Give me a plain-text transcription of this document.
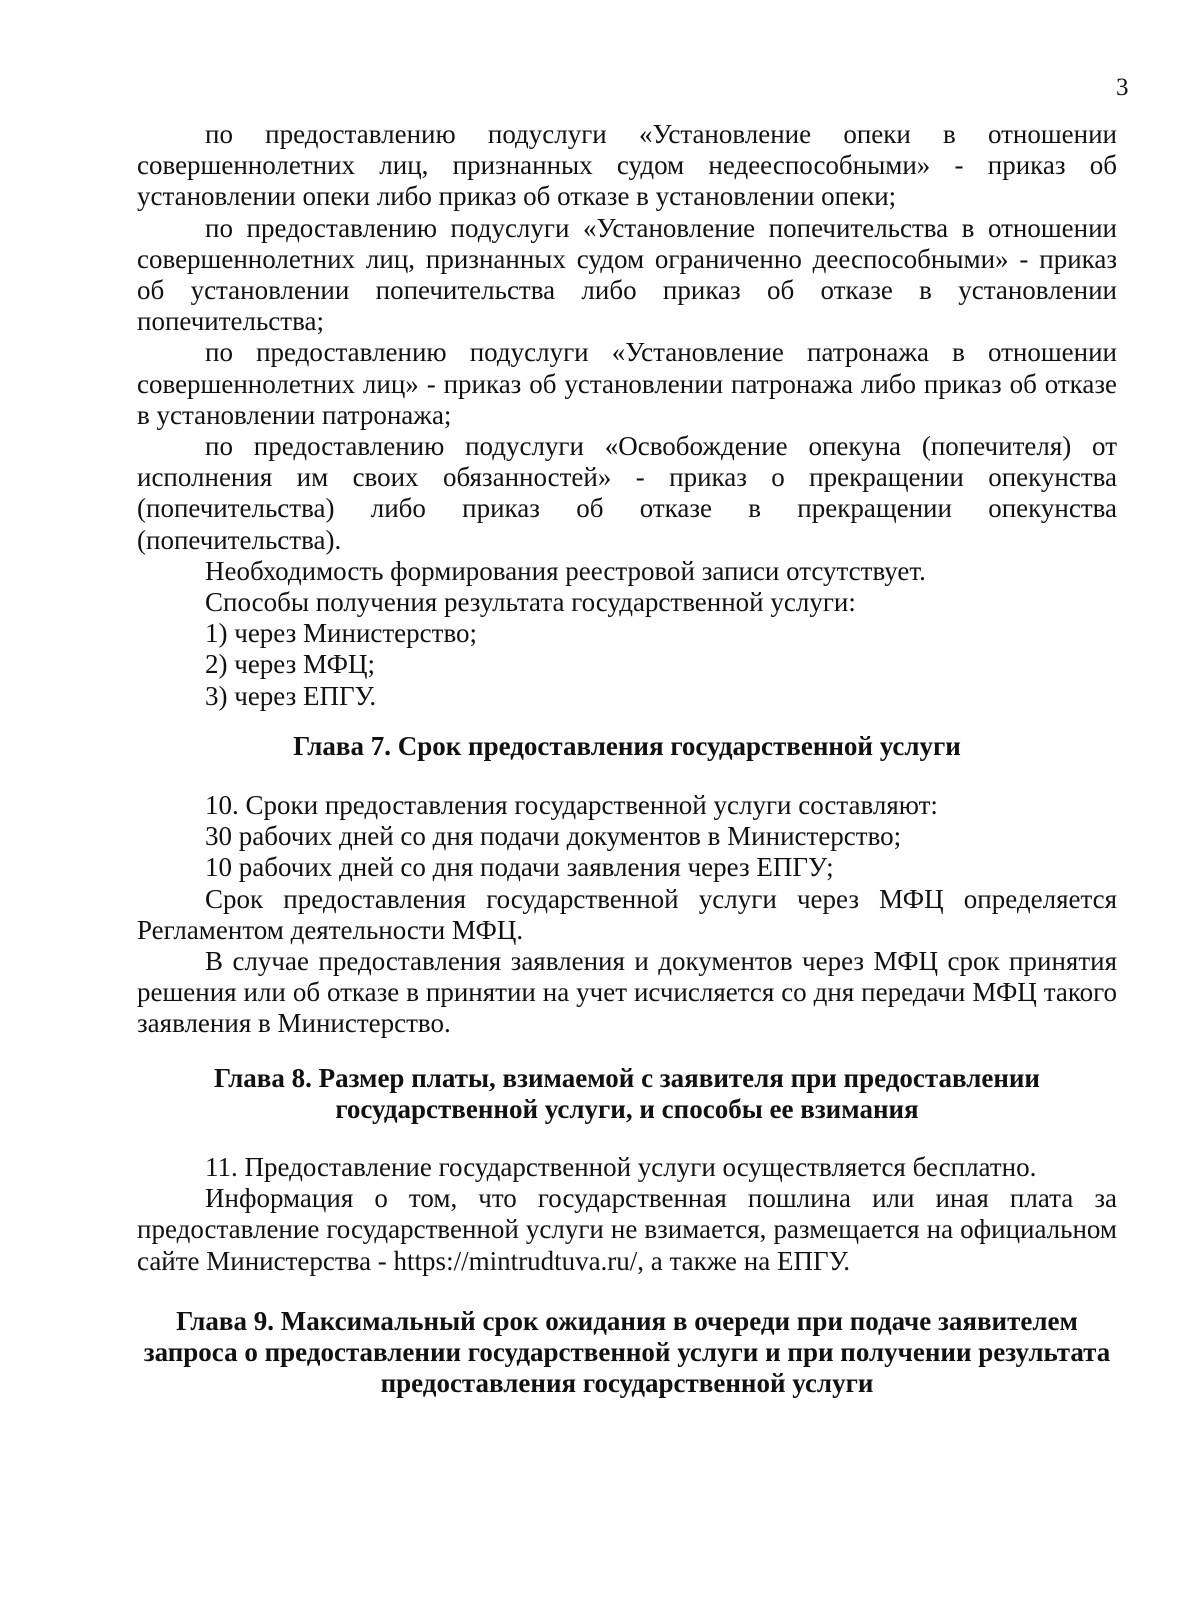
3

по предоставлению подуслуги «Установление опеки в отношении совершеннолетних лиц, признанных судом недееспособными» - приказ об установлении опеки либо приказ об отказе в установлении опеки;

по предоставлению подуслуги «Установление попечительства в отношении совершеннолетних лиц, признанных судом ограниченно дееспособными» - приказ об установлении попечительства либо приказ об отказе в установлении попечительства;

по предоставлению подуслуги «Установление патронажа в отношении совершеннолетних лиц» - приказ об установлении патронажа либо приказ об отказе в установлении патронажа;

по предоставлению подуслуги «Освобождение опекуна (попечителя) от исполнения им своих обязанностей» - приказ о прекращении опекунства (попечительства) либо приказ об отказе в прекращении опекунства (попечительства).

Необходимость формирования реестровой записи отсутствует.

Способы получения результата государственной услуги:

1) через Министерство;

2) через МФЦ;

3) через ЕПГУ.

Глава 7. Срок предоставления государственной услуги

10. Сроки предоставления государственной услуги составляют:

30 рабочих дней со дня подачи документов в Министерство;

10 рабочих дней со дня подачи заявления через ЕПГУ;

Срок предоставления государственной услуги через МФЦ определяется Регламентом деятельности МФЦ.

В случае предоставления заявления и документов через МФЦ срок принятия решения или об отказе в принятии на учет исчисляется со дня передачи МФЦ такого заявления в Министерство.

Глава 8. Размер платы, взимаемой с заявителя при предоставлении
государственной услуги, и способы ее взимания

11. Предоставление государственной услуги осуществляется бесплатно.

Информация о том, что государственная пошлина или иная плата за предоставление государственной услуги не взимается, размещается на официальном сайте Министерства - https://mintrudtuva.ru/, а также на ЕПГУ.

Глава 9. Максимальный срок ожидания в очереди при подаче заявителем
запроса о предоставлении государственной услуги и при получении результата
предоставления государственной услуги
